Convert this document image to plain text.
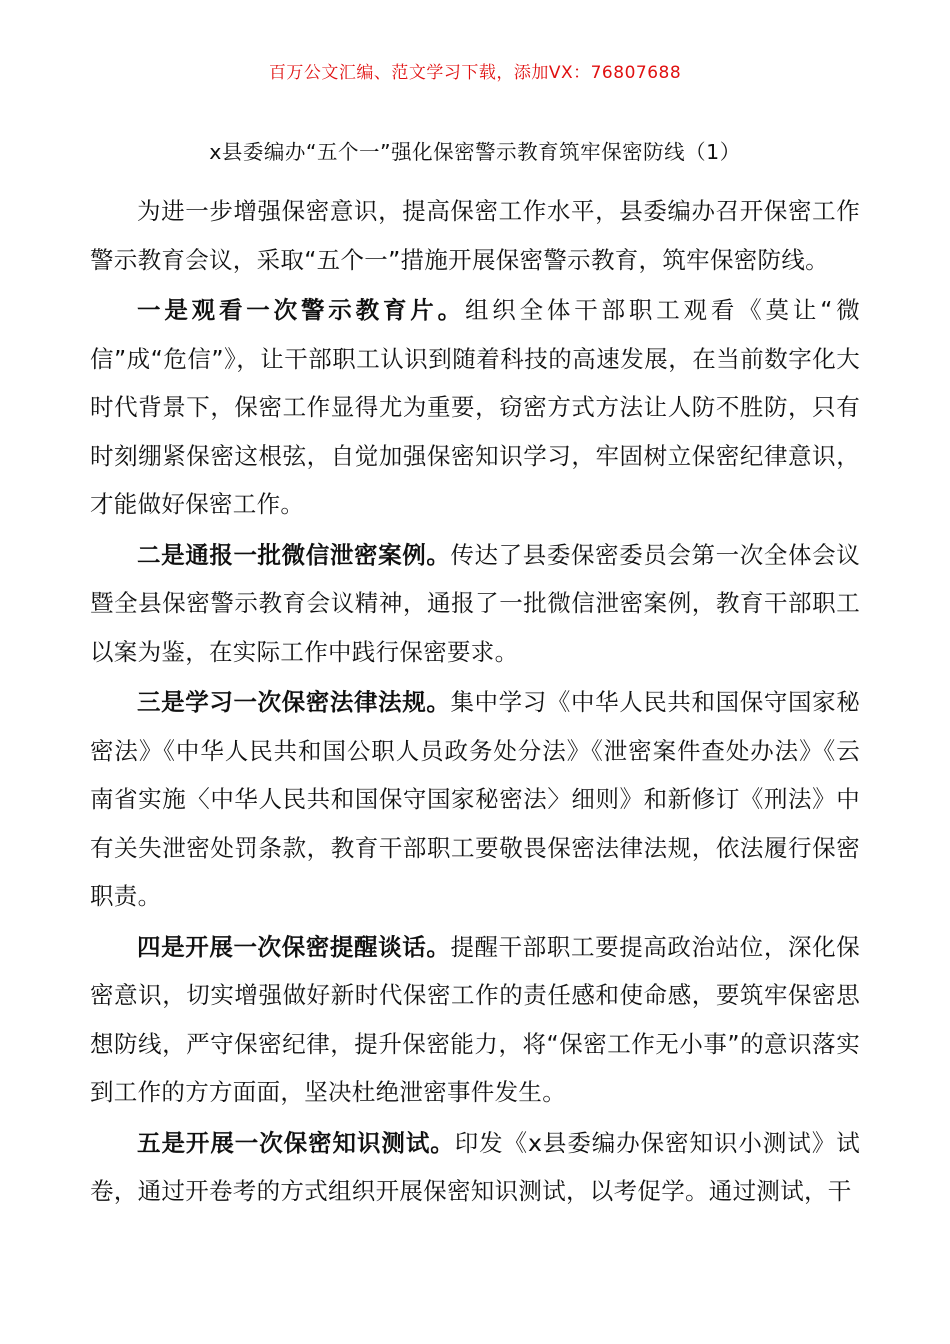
百万公文汇编、范文学习下载，添加VX：76807688
x县委编办“五个一”强化保密警示教育筑牢保密防线（1）

为进一步增强保密意识，提高保密工作水平，县委编办召开保密工作警示教育会议，采取“五个一”措施开展保密警示教育，筑牢保密防线。

一是观看一次警示教育片。组织全体干部职工观看《莫让“微信”成“危信”》，让干部职工认识到随着科技的高速发展，在当前数字化大时代背景下，保密工作显得尤为重要，窃密方式方法让人防不胜防，只有时刻绷紧保密这根弦，自觉加强保密知识学习，牢固树立保密纪律意识，才能做好保密工作。

二是通报一批微信泄密案例。传达了县委保密委员会第一次全体会议暨全县保密警示教育会议精神，通报了一批微信泄密案例，教育干部职工以案为鉴，在实际工作中践行保密要求。

三是学习一次保密法律法规。集中学习《中华人民共和国保守国家秘密法》《中华人民共和国公职人员政务处分法》《泄密案件查处办法》《云南省实施〈中华人民共和国保守国家秘密法〉细则》和新修订《刑法》中有关失泄密处罚条款，教育干部职工要敬畏保密法律法规，依法履行保密职责。

四是开展一次保密提醒谈话。提醒干部职工要提高政治站位，深化保密意识，切实增强做好新时代保密工作的责任感和使命感，要筑牢保密思想防线，严守保密纪律，提升保密能力，将“保密工作无小事”的意识落实到工作的方方面面，坚决杜绝泄密事件发生。

五是开展一次保密知识测试。印发《x县委编办保密知识小测试》试卷，通过开卷考的方式组织开展保密知识测试，以考促学。通过测试，干
